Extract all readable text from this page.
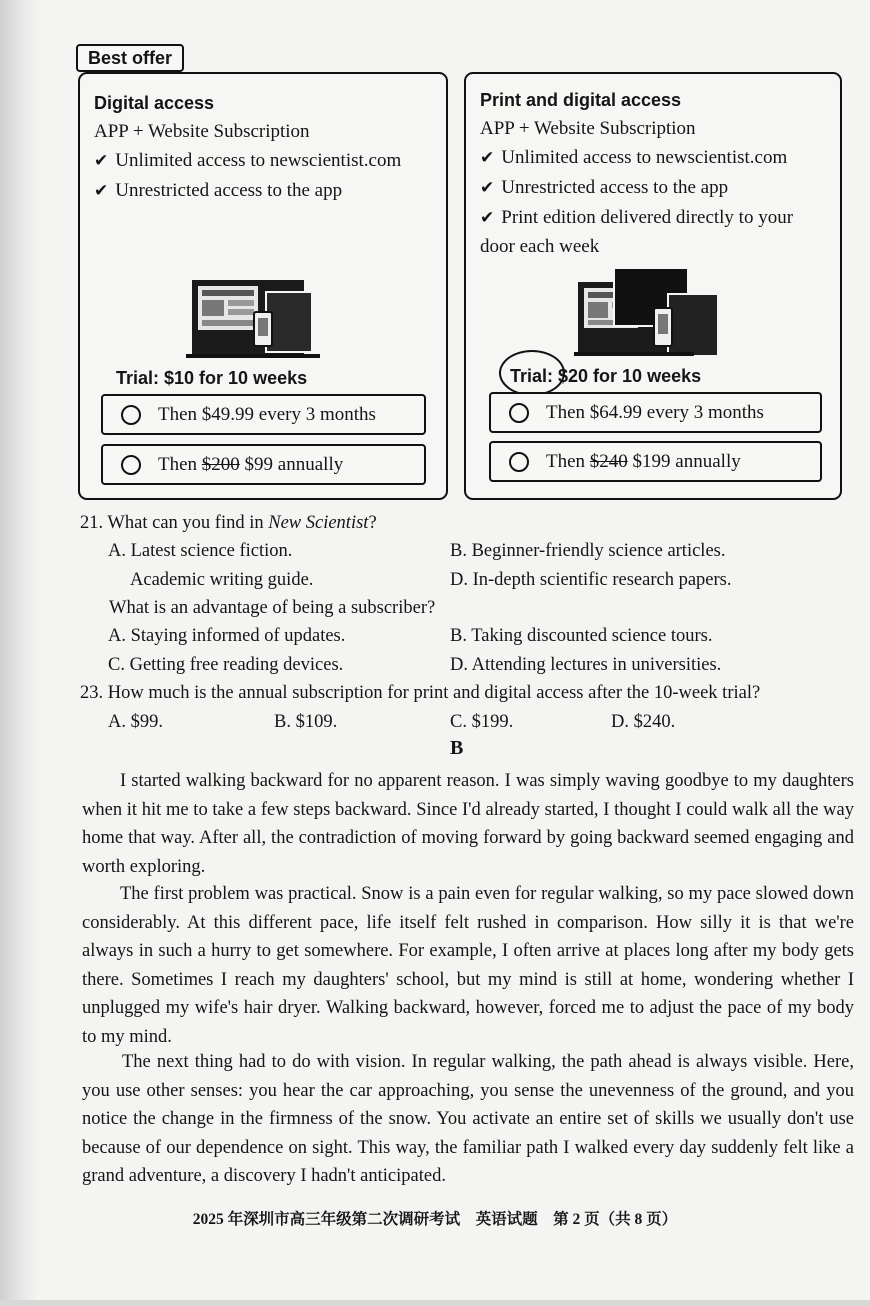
Best offer
Digital access
APP + Website Subscription
✔ Unlimited access to newscientist.com
✔ Unrestricted access to the app
Trial: $10 for 10 weeks
Then $49.99 every 3 months
Then $200 $99 annually
Print and digital access
APP + Website Subscription
✔ Unlimited access to newscientist.com
✔ Unrestricted access to the app
✔ Print edition delivered directly to your
door each week
Trial: $20 for 10 weeks
Then $64.99 every 3 months
Then $240 $199 annually
21. What can you find in New Scientist?
A. Latest science fiction.	B. Beginner-friendly science articles.
Academic writing guide.	D. In-depth scientific research papers.
What is an advantage of being a subscriber?
A. Staying informed of updates.	B. Taking discounted science tours.
C. Getting free reading devices.	D. Attending lectures in universities.
23. How much is the annual subscription for print and digital access after the 10-week trial?
A. $99.	B. $109.	C. $199.	D. $240.
B
I started walking backward for no apparent reason. I was simply waving goodbye to my daughters when it hit me to take a few steps backward. Since I'd already started, I thought I could walk all the way home that way. After all, the contradiction of moving forward by going backward seemed engaging and worth exploring.
The first problem was practical. Snow is a pain even for regular walking, so my pace slowed down considerably. At this different pace, life itself felt rushed in comparison. How silly it is that we're always in such a hurry to get somewhere. For example, I often arrive at places long after my body gets there. Sometimes I reach my daughters' school, but my mind is still at home, wondering whether I unplugged my wife's hair dryer. Walking backward, however, forced me to adjust the pace of my body to my mind.
The next thing had to do with vision. In regular walking, the path ahead is always visible. Here, you use other senses: you hear the car approaching, you sense the unevenness of the ground, and you notice the change in the firmness of the snow. You activate an entire set of skills we usually don't use because of our dependence on sight. This way, the familiar path I walked every day suddenly felt like a grand adventure, a discovery I hadn't anticipated.
2025 年深圳市高三年级第二次调研考试　英语试题　第 2 页（共 8 页）
